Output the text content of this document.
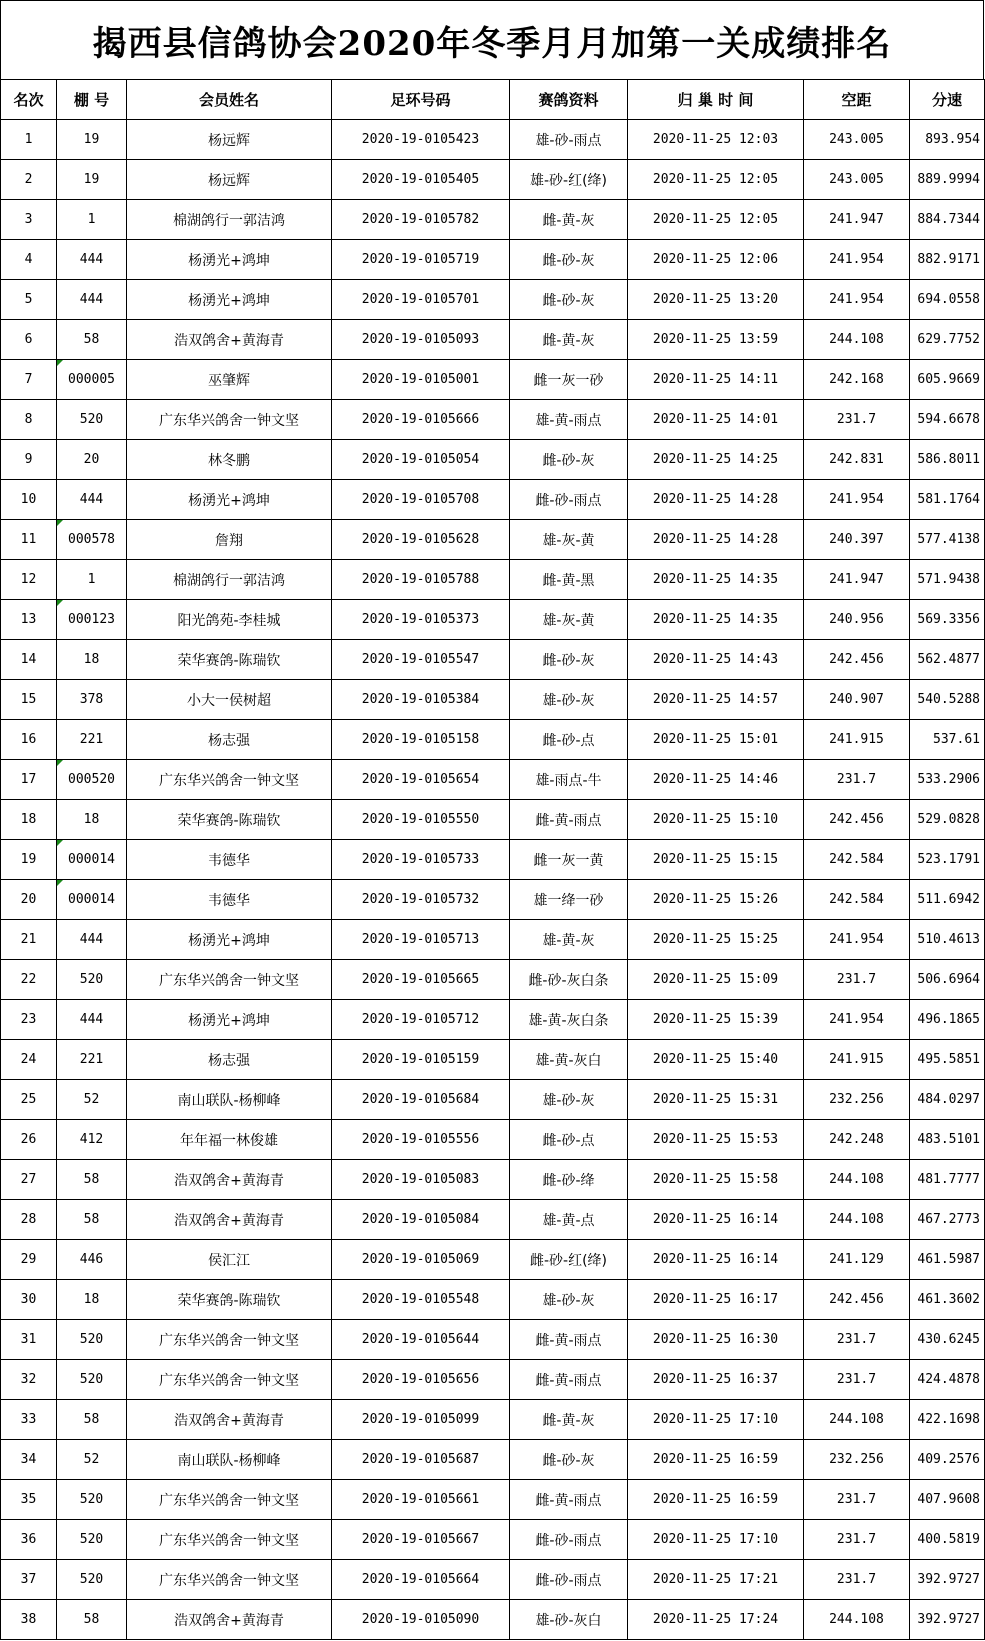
揭西县信鸽协会2020年冬季月月加第一关成绩排名
名次	棚 号	会员姓名	足环号码	赛鸽资料	归 巢 时 间	空距	分速
1	19	杨远辉	2020-19-0105423	雄-砂-雨点	2020-11-25 12:03	243.005	893.954
2	19	杨远辉	2020-19-0105405	雄-砂-红(绛)	2020-11-25 12:05	243.005	889.9994
3	1	棉湖鸽行一郭洁鸿	2020-19-0105782	雌-黄-灰	2020-11-25 12:05	241.947	884.7344
4	444	杨湧光+鸿坤	2020-19-0105719	雌-砂-灰	2020-11-25 12:06	241.954	882.9171
5	444	杨湧光+鸿坤	2020-19-0105701	雌-砂-灰	2020-11-25 13:20	241.954	694.0558
6	58	浩双鸽舍+黄海青	2020-19-0105093	雌-黄-灰	2020-11-25 13:59	244.108	629.7752
7	000005	巫肇辉	2020-19-0105001	雌一灰一砂	2020-11-25 14:11	242.168	605.9669
8	520	广东华兴鸽舍一钟文坚	2020-19-0105666	雄-黄-雨点	2020-11-25 14:01	231.7	594.6678
9	20	林冬鹏	2020-19-0105054	雌-砂-灰	2020-11-25 14:25	242.831	586.8011
10	444	杨湧光+鸿坤	2020-19-0105708	雌-砂-雨点	2020-11-25 14:28	241.954	581.1764
11	000578	詹翔	2020-19-0105628	雄-灰-黄	2020-11-25 14:28	240.397	577.4138
12	1	棉湖鸽行一郭洁鸿	2020-19-0105788	雌-黄-黑	2020-11-25 14:35	241.947	571.9438
13	000123	阳光鸽苑-李桂城	2020-19-0105373	雄-灰-黄	2020-11-25 14:35	240.956	569.3356
14	18	荣华赛鸽-陈瑞钦	2020-19-0105547	雌-砂-灰	2020-11-25 14:43	242.456	562.4877
15	378	小大一侯树超	2020-19-0105384	雄-砂-灰	2020-11-25 14:57	240.907	540.5288
16	221	杨志强	2020-19-0105158	雌-砂-点	2020-11-25 15:01	241.915	537.61
17	000520	广东华兴鸽舍一钟文坚	2020-19-0105654	雄-雨点-牛	2020-11-25 14:46	231.7	533.2906
18	18	荣华赛鸽-陈瑞钦	2020-19-0105550	雌-黄-雨点	2020-11-25 15:10	242.456	529.0828
19	000014	韦德华	2020-19-0105733	雌一灰一黄	2020-11-25 15:15	242.584	523.1791
20	000014	韦德华	2020-19-0105732	雄一绛一砂	2020-11-25 15:26	242.584	511.6942
21	444	杨湧光+鸿坤	2020-19-0105713	雄-黄-灰	2020-11-25 15:25	241.954	510.4613
22	520	广东华兴鸽舍一钟文坚	2020-19-0105665	雌-砂-灰白条	2020-11-25 15:09	231.7	506.6964
23	444	杨湧光+鸿坤	2020-19-0105712	雄-黄-灰白条	2020-11-25 15:39	241.954	496.1865
24	221	杨志强	2020-19-0105159	雄-黄-灰白	2020-11-25 15:40	241.915	495.5851
25	52	南山联队-杨柳峰	2020-19-0105684	雄-砂-灰	2020-11-25 15:31	232.256	484.0297
26	412	年年福一林俊雄	2020-19-0105556	雌-砂-点	2020-11-25 15:53	242.248	483.5101
27	58	浩双鸽舍+黄海青	2020-19-0105083	雌-砂-绛	2020-11-25 15:58	244.108	481.7777
28	58	浩双鸽舍+黄海青	2020-19-0105084	雄-黄-点	2020-11-25 16:14	244.108	467.2773
29	446	侯汇江	2020-19-0105069	雌-砂-红(绛)	2020-11-25 16:14	241.129	461.5987
30	18	荣华赛鸽-陈瑞钦	2020-19-0105548	雄-砂-灰	2020-11-25 16:17	242.456	461.3602
31	520	广东华兴鸽舍一钟文坚	2020-19-0105644	雌-黄-雨点	2020-11-25 16:30	231.7	430.6245
32	520	广东华兴鸽舍一钟文坚	2020-19-0105656	雌-黄-雨点	2020-11-25 16:37	231.7	424.4878
33	58	浩双鸽舍+黄海青	2020-19-0105099	雌-黄-灰	2020-11-25 17:10	244.108	422.1698
34	52	南山联队-杨柳峰	2020-19-0105687	雌-砂-灰	2020-11-25 16:59	232.256	409.2576
35	520	广东华兴鸽舍一钟文坚	2020-19-0105661	雌-黄-雨点	2020-11-25 16:59	231.7	407.9608
36	520	广东华兴鸽舍一钟文坚	2020-19-0105667	雌-砂-雨点	2020-11-25 17:10	231.7	400.5819
37	520	广东华兴鸽舍一钟文坚	2020-19-0105664	雌-砂-雨点	2020-11-25 17:21	231.7	392.9727
38	58	浩双鸽舍+黄海青	2020-19-0105090	雄-砂-灰白	2020-11-25 17:24	244.108	392.9727
